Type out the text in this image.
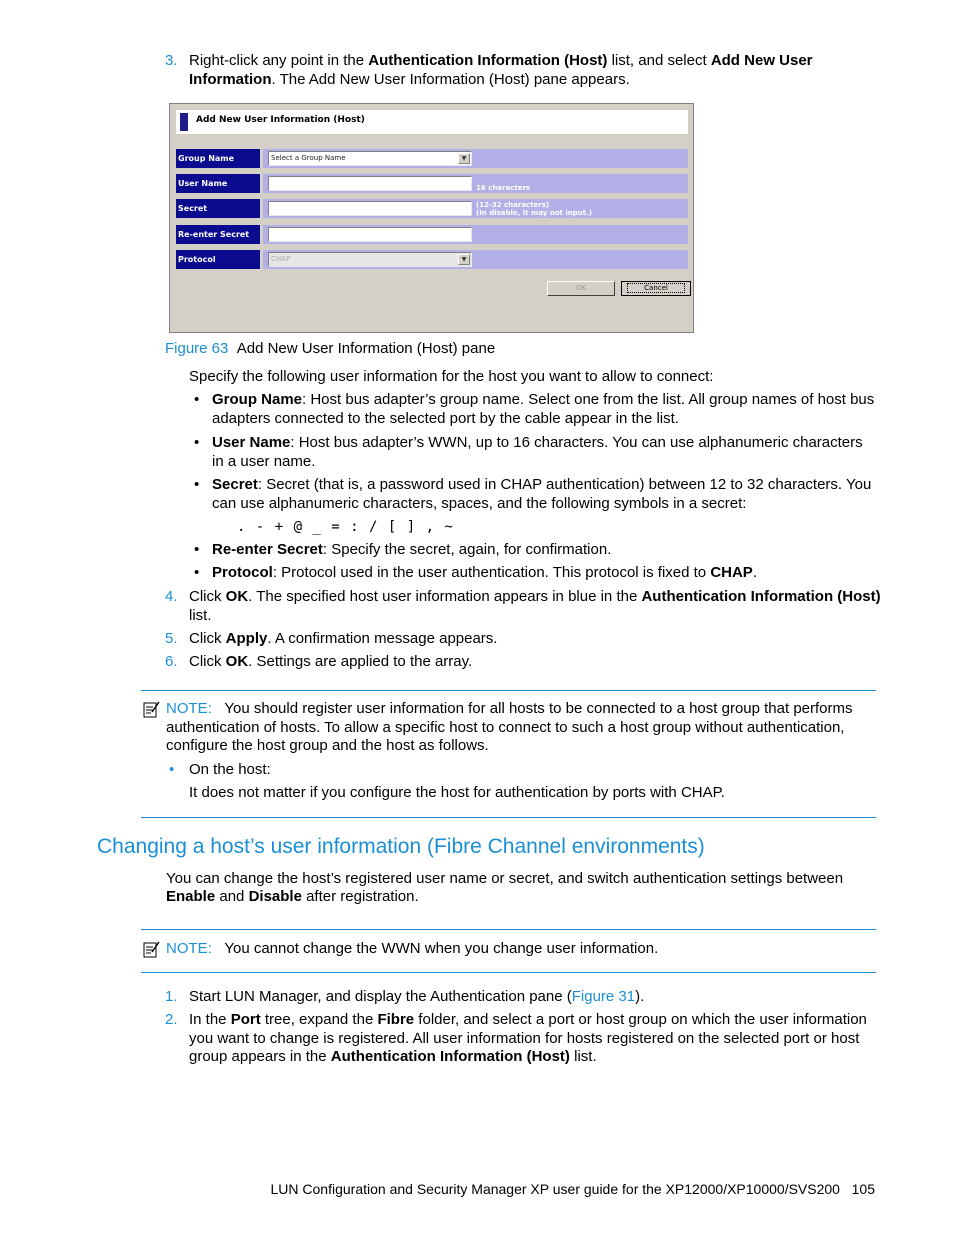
3. Right-click any point in the Authentication Information (Host) list, and select Add New User
Information. The Add New User Information (Host) pane appears.
Add New User Information (Host)
Group Name	Select a Group Name	▼
User Name	16 characters
Secret	(12-32 characters)
(In disable, it may not input.)
Re-enter Secret
Protocol	CHAP	▼
OK	Cancel
Figure 63 Add New User Information (Host) pane
Specify the following user information for the host you want to allow to connect:
• Group Name: Host bus adapter’s group name. Select one from the list. All group names of host bus
adapters connected to the selected port by the cable appear in the list.
• User Name: Host bus adapter’s WWN, up to 16 characters. You can use alphanumeric characters
in a user name.
• Secret: Secret (that is, a password used in CHAP authentication) between 12 to 32 characters. You
can use alphanumeric characters, spaces, and the following symbols in a secret:
. - + @ _ = : / [ ] , ~
• Re-enter Secret: Specify the secret, again, for confirmation.
• Protocol: Protocol used in the user authentication. This protocol is fixed to CHAP.
4. Click OK. The specified host user information appears in blue in the Authentication Information (Host)
list.
5. Click Apply. A confirmation message appears.
6. Click OK. Settings are applied to the array.
NOTE: You should register user information for all hosts to be connected to a host group that performs
authentication of hosts. To allow a specific host to connect to such a host group without authentication,
configure the host group and the host as follows.
• On the host:
It does not matter if you configure the host for authentication by ports with CHAP.
Changing a host’s user information (Fibre Channel environments)
You can change the host’s registered user name or secret, and switch authentication settings between
Enable and Disable after registration.
NOTE: You cannot change the WWN when you change user information.
1. Start LUN Manager, and display the Authentication pane (Figure 31).
2. In the Port tree, expand the Fibre folder, and select a port or host group on which the user information
you want to change is registered. All user information for hosts registered on the selected port or host
group appears in the Authentication Information (Host) list.
LUN Configuration and Security Manager XP user guide for the XP12000/XP10000/SVS200 105
